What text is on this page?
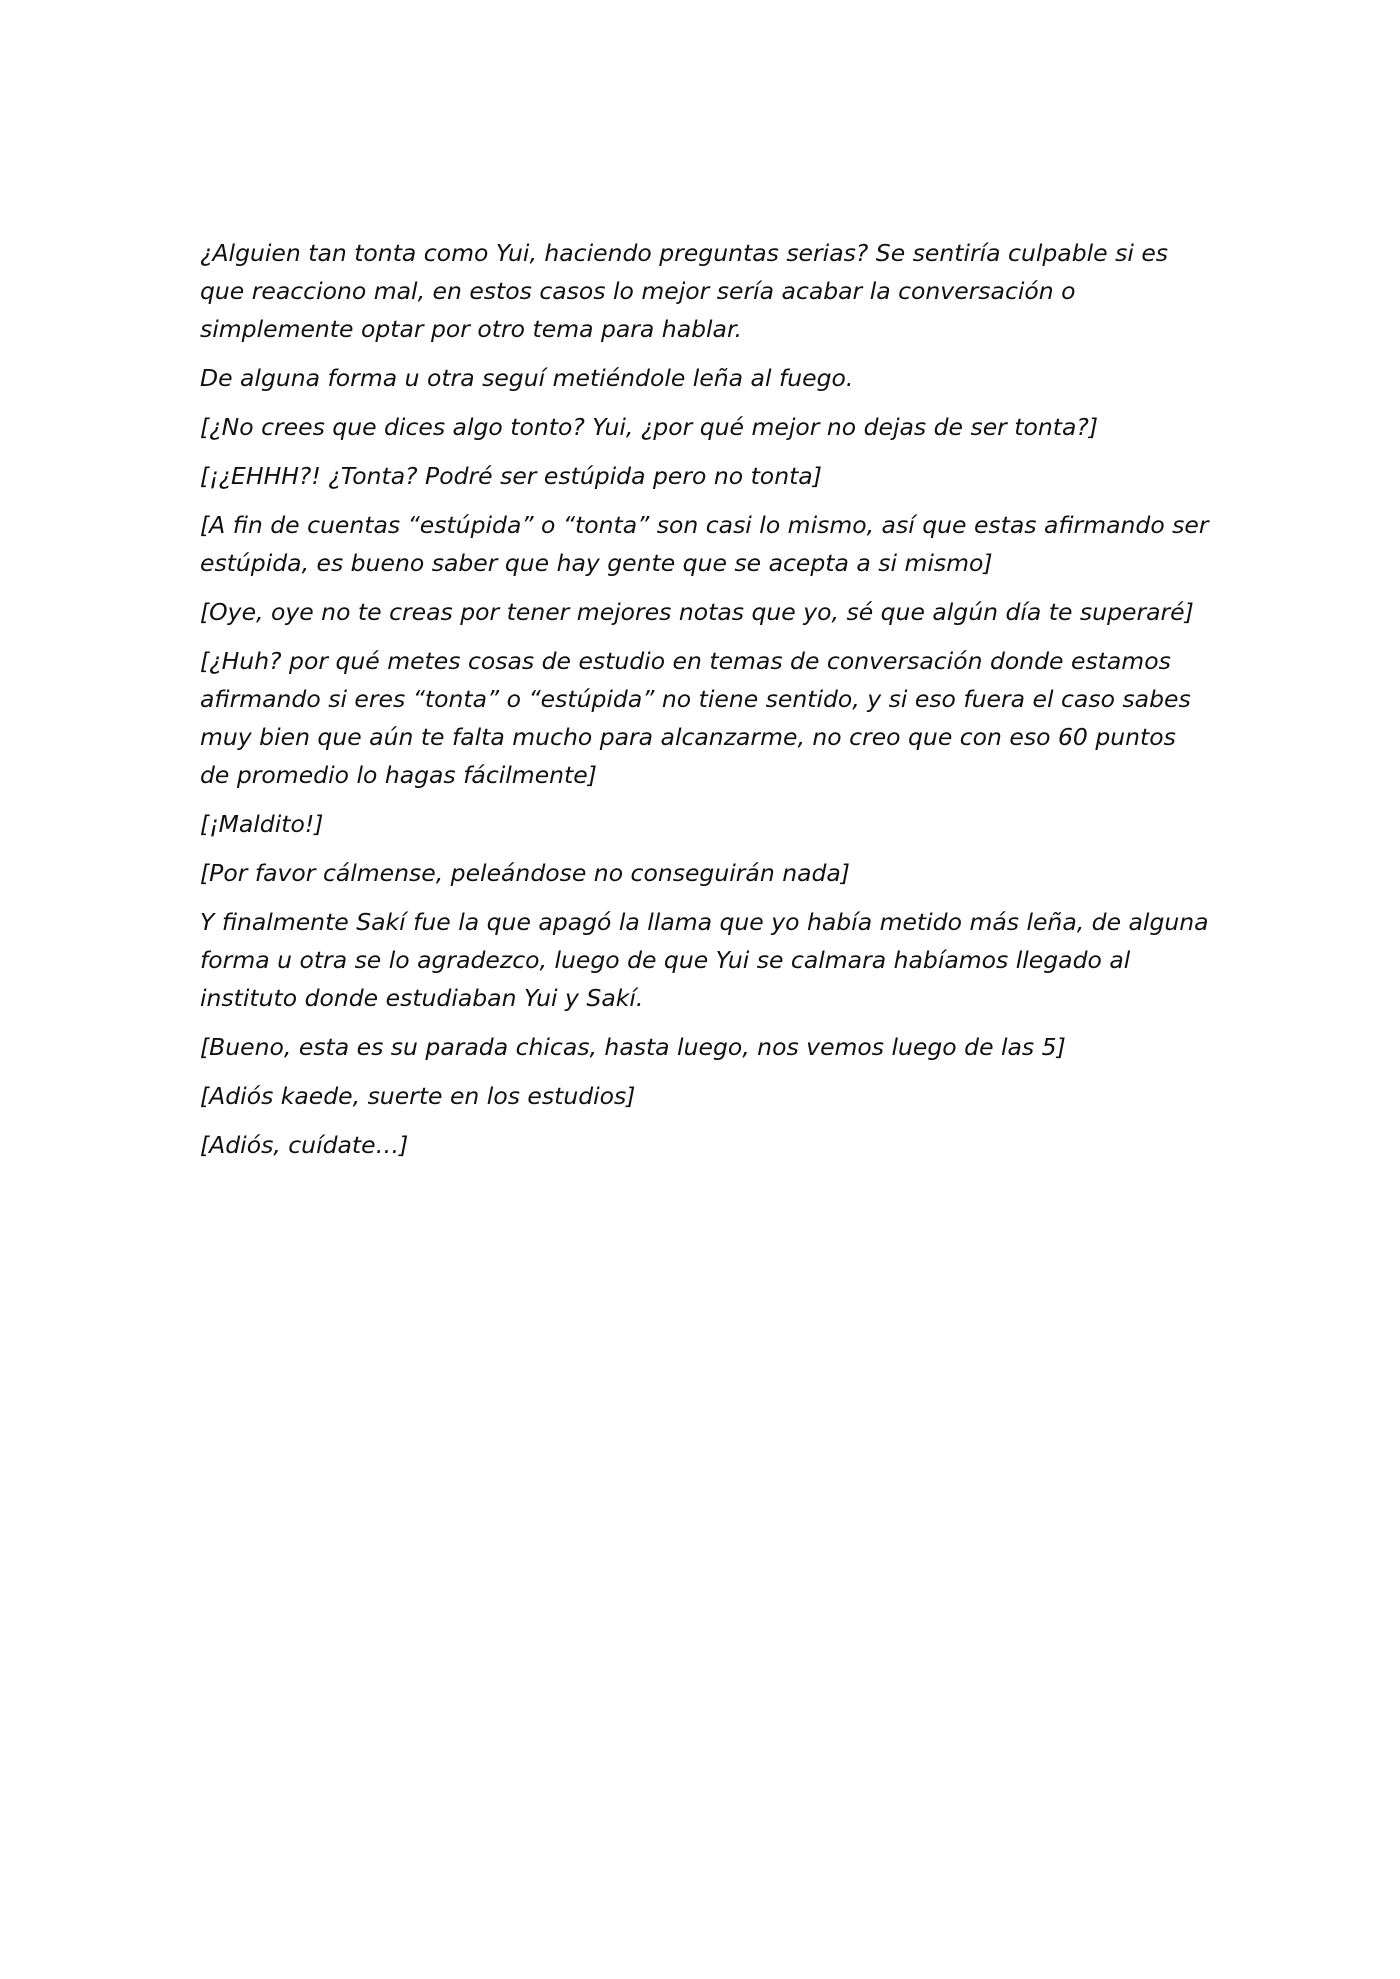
¿Alguien tan tonta como Yui, haciendo preguntas serias? Se sentiría culpable si es que reacciono mal, en estos casos lo mejor sería acabar la conversación o simplemente optar por otro tema para hablar.

De alguna forma u otra seguí metiéndole leña al fuego.

[¿No crees que dices algo tonto? Yui, ¿por qué mejor no dejas de ser tonta?]

[¡¿EHHH?! ¿Tonta? Podré ser estúpida pero no tonta]

[A fin de cuentas “estúpida” o “tonta” son casi lo mismo, así que estas afirmando ser estúpida, es bueno saber que hay gente que se acepta a si mismo]

[Oye, oye no te creas por tener mejores notas que yo, sé que algún día te superaré]

[¿Huh? por qué metes cosas de estudio en temas de conversación donde estamos afirmando si eres “tonta” o “estúpida” no tiene sentido, y si eso fuera el caso sabes muy bien que aún te falta mucho para alcanzarme, no creo que con eso 60 puntos de promedio lo hagas fácilmente]

[¡Maldito!]

[Por favor cálmense, peleándose no conseguirán nada]

Y finalmente Sakí fue la que apagó la llama que yo había metido más leña, de alguna forma u otra se lo agradezco, luego de que Yui se calmara habíamos llegado al instituto donde estudiaban Yui y Sakí.

[Bueno, esta es su parada chicas, hasta luego, nos vemos luego de las 5]

[Adiós kaede, suerte en los estudios]

[Adiós, cuídate…]
